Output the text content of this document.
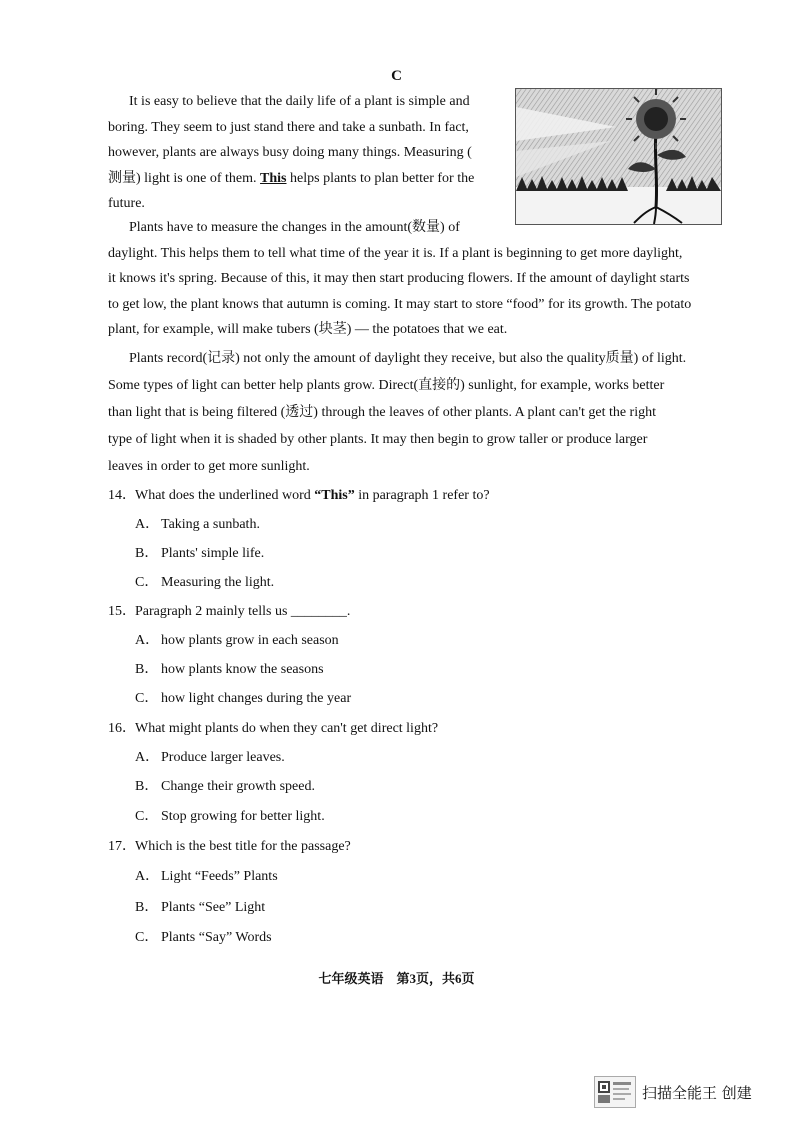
C
It is easy to believe that the daily life of a plant is simple and
boring. They seem to just stand there and take a sunbath. In fact,
however, plants are always busy doing many things. Measuring (
测量) light is one of them. This helps plants to plan better for the
future.
Plants have to measure the changes in the amount(数量) of
daylight. This helps them to tell what time of the year it is. If a plant is beginning to get more daylight,
it knows it's spring. Because of this, it may then start producing flowers. If the amount of daylight starts
to get low, the plant knows that autumn is coming. It may start to store “food” for its growth. The potato
plant, for example, will make tubers (块茎) — the potatoes that we eat.
Plants record(记录) not only the amount of daylight they receive, but also the quality质量) of light.
Some types of light can better help plants grow. Direct(直接的) sunlight, for example, works better
than light that is being filtered (透过) through the leaves of other plants. A plant can't get the right
type of light when it is shaded by other plants. It may then begin to grow taller or produce larger
leaves in order to get more sunlight.
14．What does the underlined word “This” in paragraph 1 refer to?
A． Taking a sunbath.
B． Plants' simple life.
C． Measuring the light.
15．Paragraph 2 mainly tells us ________.
A． how plants grow in each season
B． how plants know the seasons
C． how light changes during the year
16．What might plants do when they can't get direct light?
A． Produce larger leaves.
B． Change their growth speed.
C． Stop growing for better light.
17．Which is the best title for the passage?
A． Light “Feeds” Plants
B． Plants “See” Light
C． Plants “Say” Words
七年级英语　第3页，共6页
扫描全能王 创建
